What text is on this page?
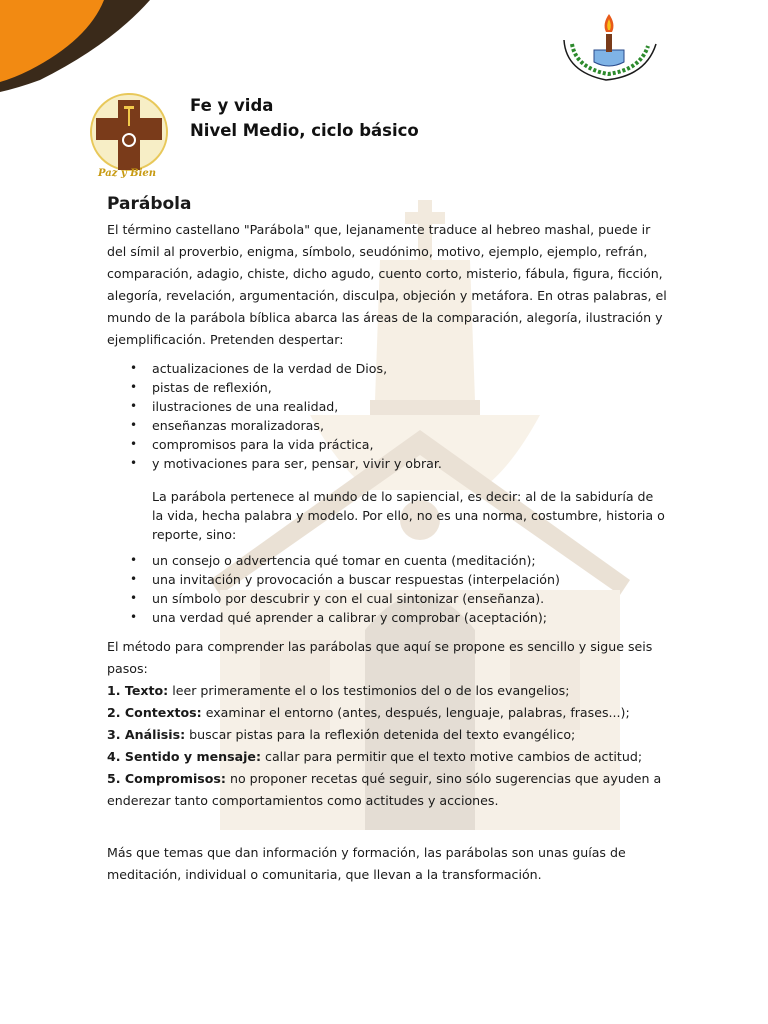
Paz y Bien
Fe y vida
Nivel Medio, ciclo básico
Parábola

El término castellano "Parábola" que, lejanamente traduce al hebreo mashal, puede ir del símil al proverbio, enigma, símbolo, seudónimo, motivo, ejemplo, ejemplo, refrán, comparación, adagio, chiste, dicho agudo, cuento corto, misterio, fábula, figura, ficción, alegoría, revelación, argumentación, disculpa, objeción y metáfora. En otras palabras, el mundo de la parábola bíblica abarca las áreas de la comparación, alegoría, ilustración y ejemplificación. Pretenden despertar:

• actualizaciones de la verdad de Dios,
• pistas de reflexión,
• ilustraciones de una realidad,
• enseñanzas moralizadoras,
• compromisos para la vida práctica,
• y motivaciones para ser, pensar, vivir y obrar.
La parábola pertenece al mundo de lo sapiencial, es decir: al de la sabiduría de la vida, hecha palabra y modelo. Por ello, no es una norma, costumbre, historia o reporte, sino:
• un consejo o advertencia qué tomar en cuenta (meditación);
• una invitación y provocación a buscar respuestas (interpelación)
• un símbolo por descubrir y con el cual sintonizar (enseñanza).
• una verdad qué aprender a calibrar y comprobar (aceptación);

El método para comprender las parábolas que aquí se propone es sencillo y sigue seis pasos:

1. Texto: leer primeramente el o los testimonios del o de los evangelios;
2. Contextos: examinar el entorno (antes, después, lenguaje, palabras, frases...);
3. Análisis: buscar pistas para la reflexión detenida del texto evangélico;
4. Sentido y mensaje: callar para permitir que el texto motive cambios de actitud;
5. Compromisos: no proponer recetas qué seguir, sino sólo sugerencias que ayuden a enderezar tanto comportamientos como actitudes y acciones.

Más que temas que dan información y formación, las parábolas son unas guías de meditación, individual o comunitaria, que llevan a la transformación.
